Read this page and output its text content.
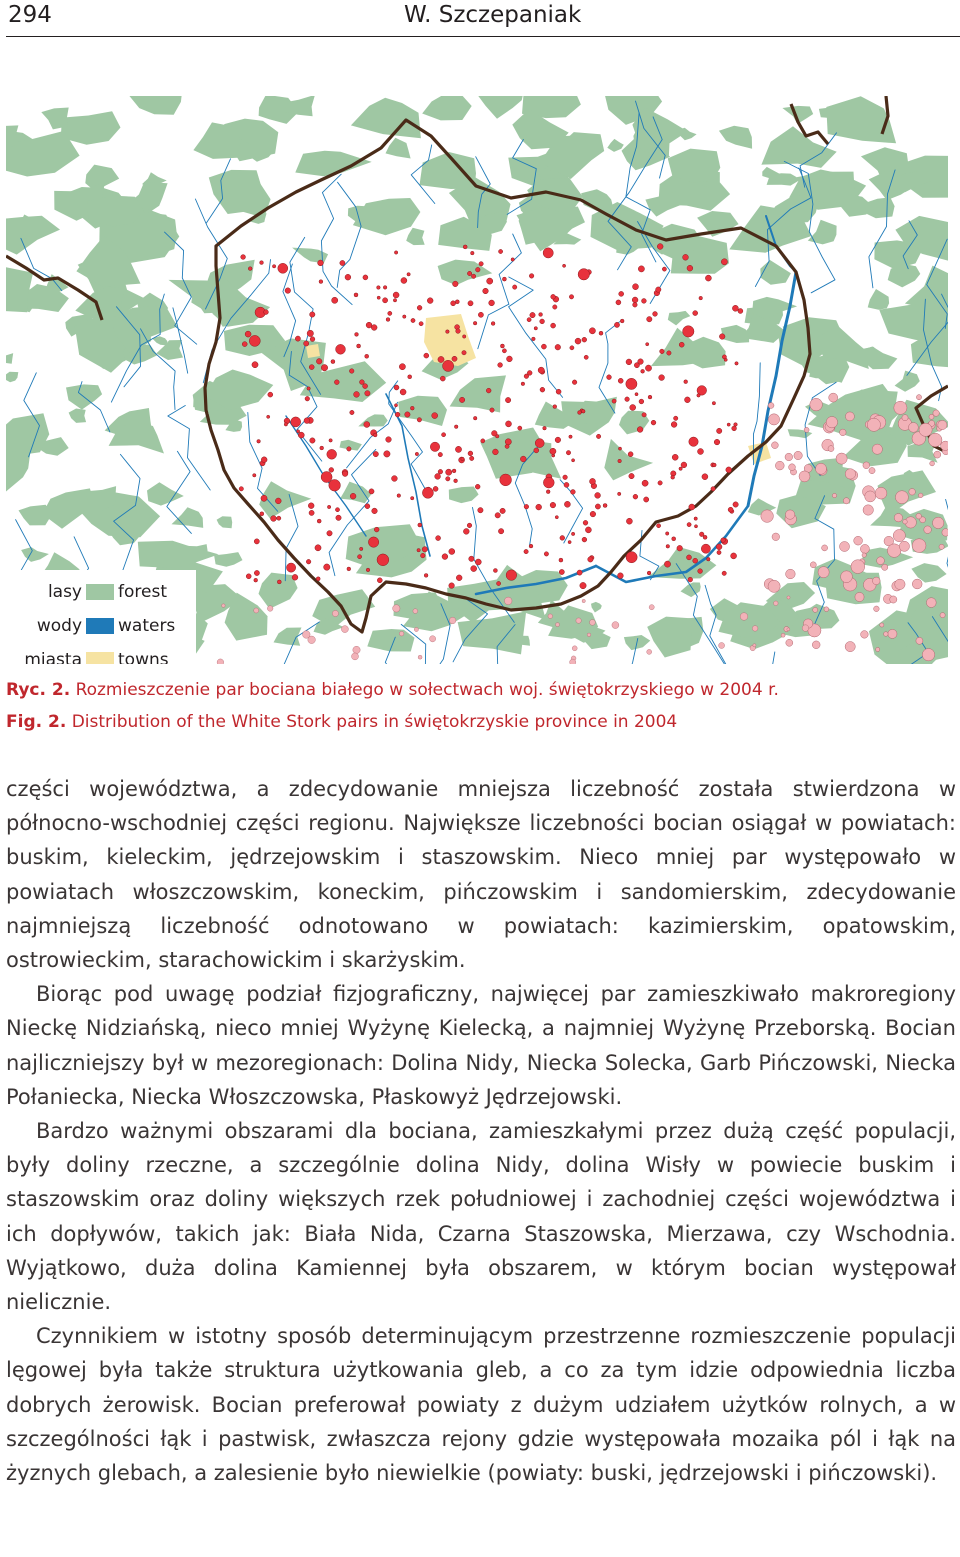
294	W. Szczepaniak
lasy forest
wody waters
miasta towns
Ryc. 2. Rozmieszczenie par bociana białego w sołectwach woj. świętokrzyskiego w 2004 r.
Fig. 2. Distribution of the White Stork pairs in świętokrzyskie province in 2004

części województwa, a zdecydowanie mniejsza liczebność została stwierdzona w północno-wschodniej części regionu. Największe liczebności bocian osiągał w powiatach: buskim, kieleckim, jędrzejowskim i staszowskim. Nieco mniej par występowało w powiatach włoszczowskim, koneckim, pińczowskim i sandomierskim, zdecydowanie najmniejszą liczebność odnotowano w powiatach: kazimierskim, opatowskim, ostrowieckim, starachowickim i skarżyskim.

Biorąc pod uwagę podział fizjograficzny, najwięcej par zamieszkiwało makroregiony Nieckę Nidziańską, nieco mniej Wyżynę Kielecką, a najmniej Wyżynę Przeborską. Bocian najliczniejszy był w mezoregionach: Dolina Nidy, Niecka Solecka, Garb Pińczowski, Niecka Połaniecka, Niecka Włoszczowska, Płaskowyż Jędrzejowski.

Bardzo ważnymi obszarami dla bociana, zamieszkałymi przez dużą część populacji, były doliny rzeczne, a szczególnie dolina Nidy, dolina Wisły w powiecie buskim i staszowskim oraz doliny większych rzek południowej i zachodniej części województwa i ich dopływów, takich jak: Biała Nida, Czarna Staszowska, Mierzawa, czy Wschodnia. Wyjątkowo, duża dolina Kamiennej była obszarem, w którym bocian występował nielicznie.

Czynnikiem w istotny sposób determinującym przestrzenne rozmieszczenie populacji lęgowej była także struktura użytkowania gleb, a co za tym idzie odpowiednia liczba dobrych żerowisk. Bocian preferował powiaty z dużym udziałem użytków rolnych, a w szczególności łąk i pastwisk, zwłaszcza rejony gdzie występowała mozaika pól i łąk na żyznych glebach, a zalesienie było niewielkie (powiaty: buski, jędrzejowski i pińczowski).
